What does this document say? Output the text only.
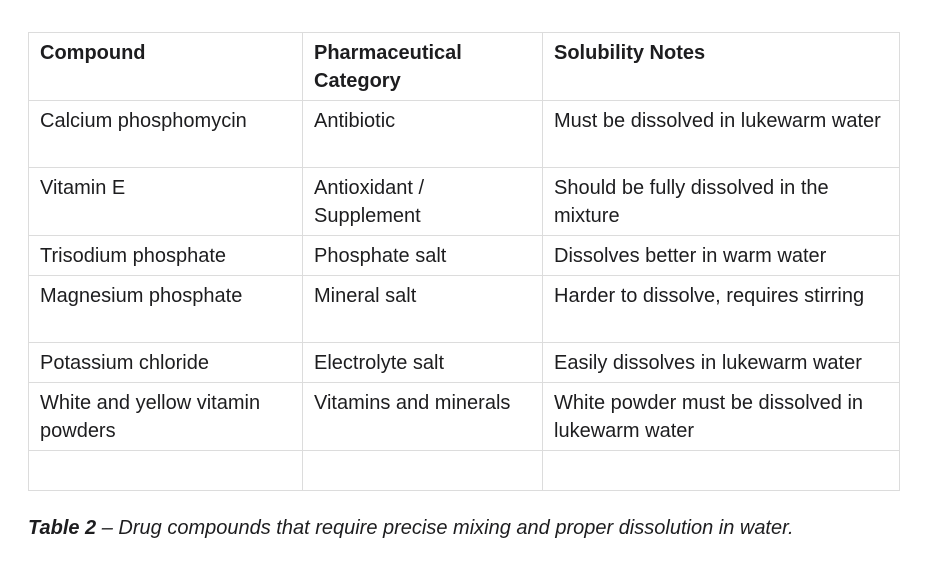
Compound	Pharmaceutical Category	Solubility Notes
Calcium phosphomycin	Antibiotic	Must be dissolved in lukewarm water
Vitamin E	Antioxidant / Supplement	Should be fully dissolved in the mixture
Trisodium phosphate	Phosphate salt	Dissolves better in warm water
Magnesium phosphate	Mineral salt	Harder to dissolve, requires stirring
Potassium chloride	Electrolyte salt	Easily dissolves in lukewarm water
White and yellow vitamin powders	Vitamins and minerals	White powder must be dissolved in lukewarm water

Table 2 – Drug compounds that require precise mixing and proper dissolution in water.
